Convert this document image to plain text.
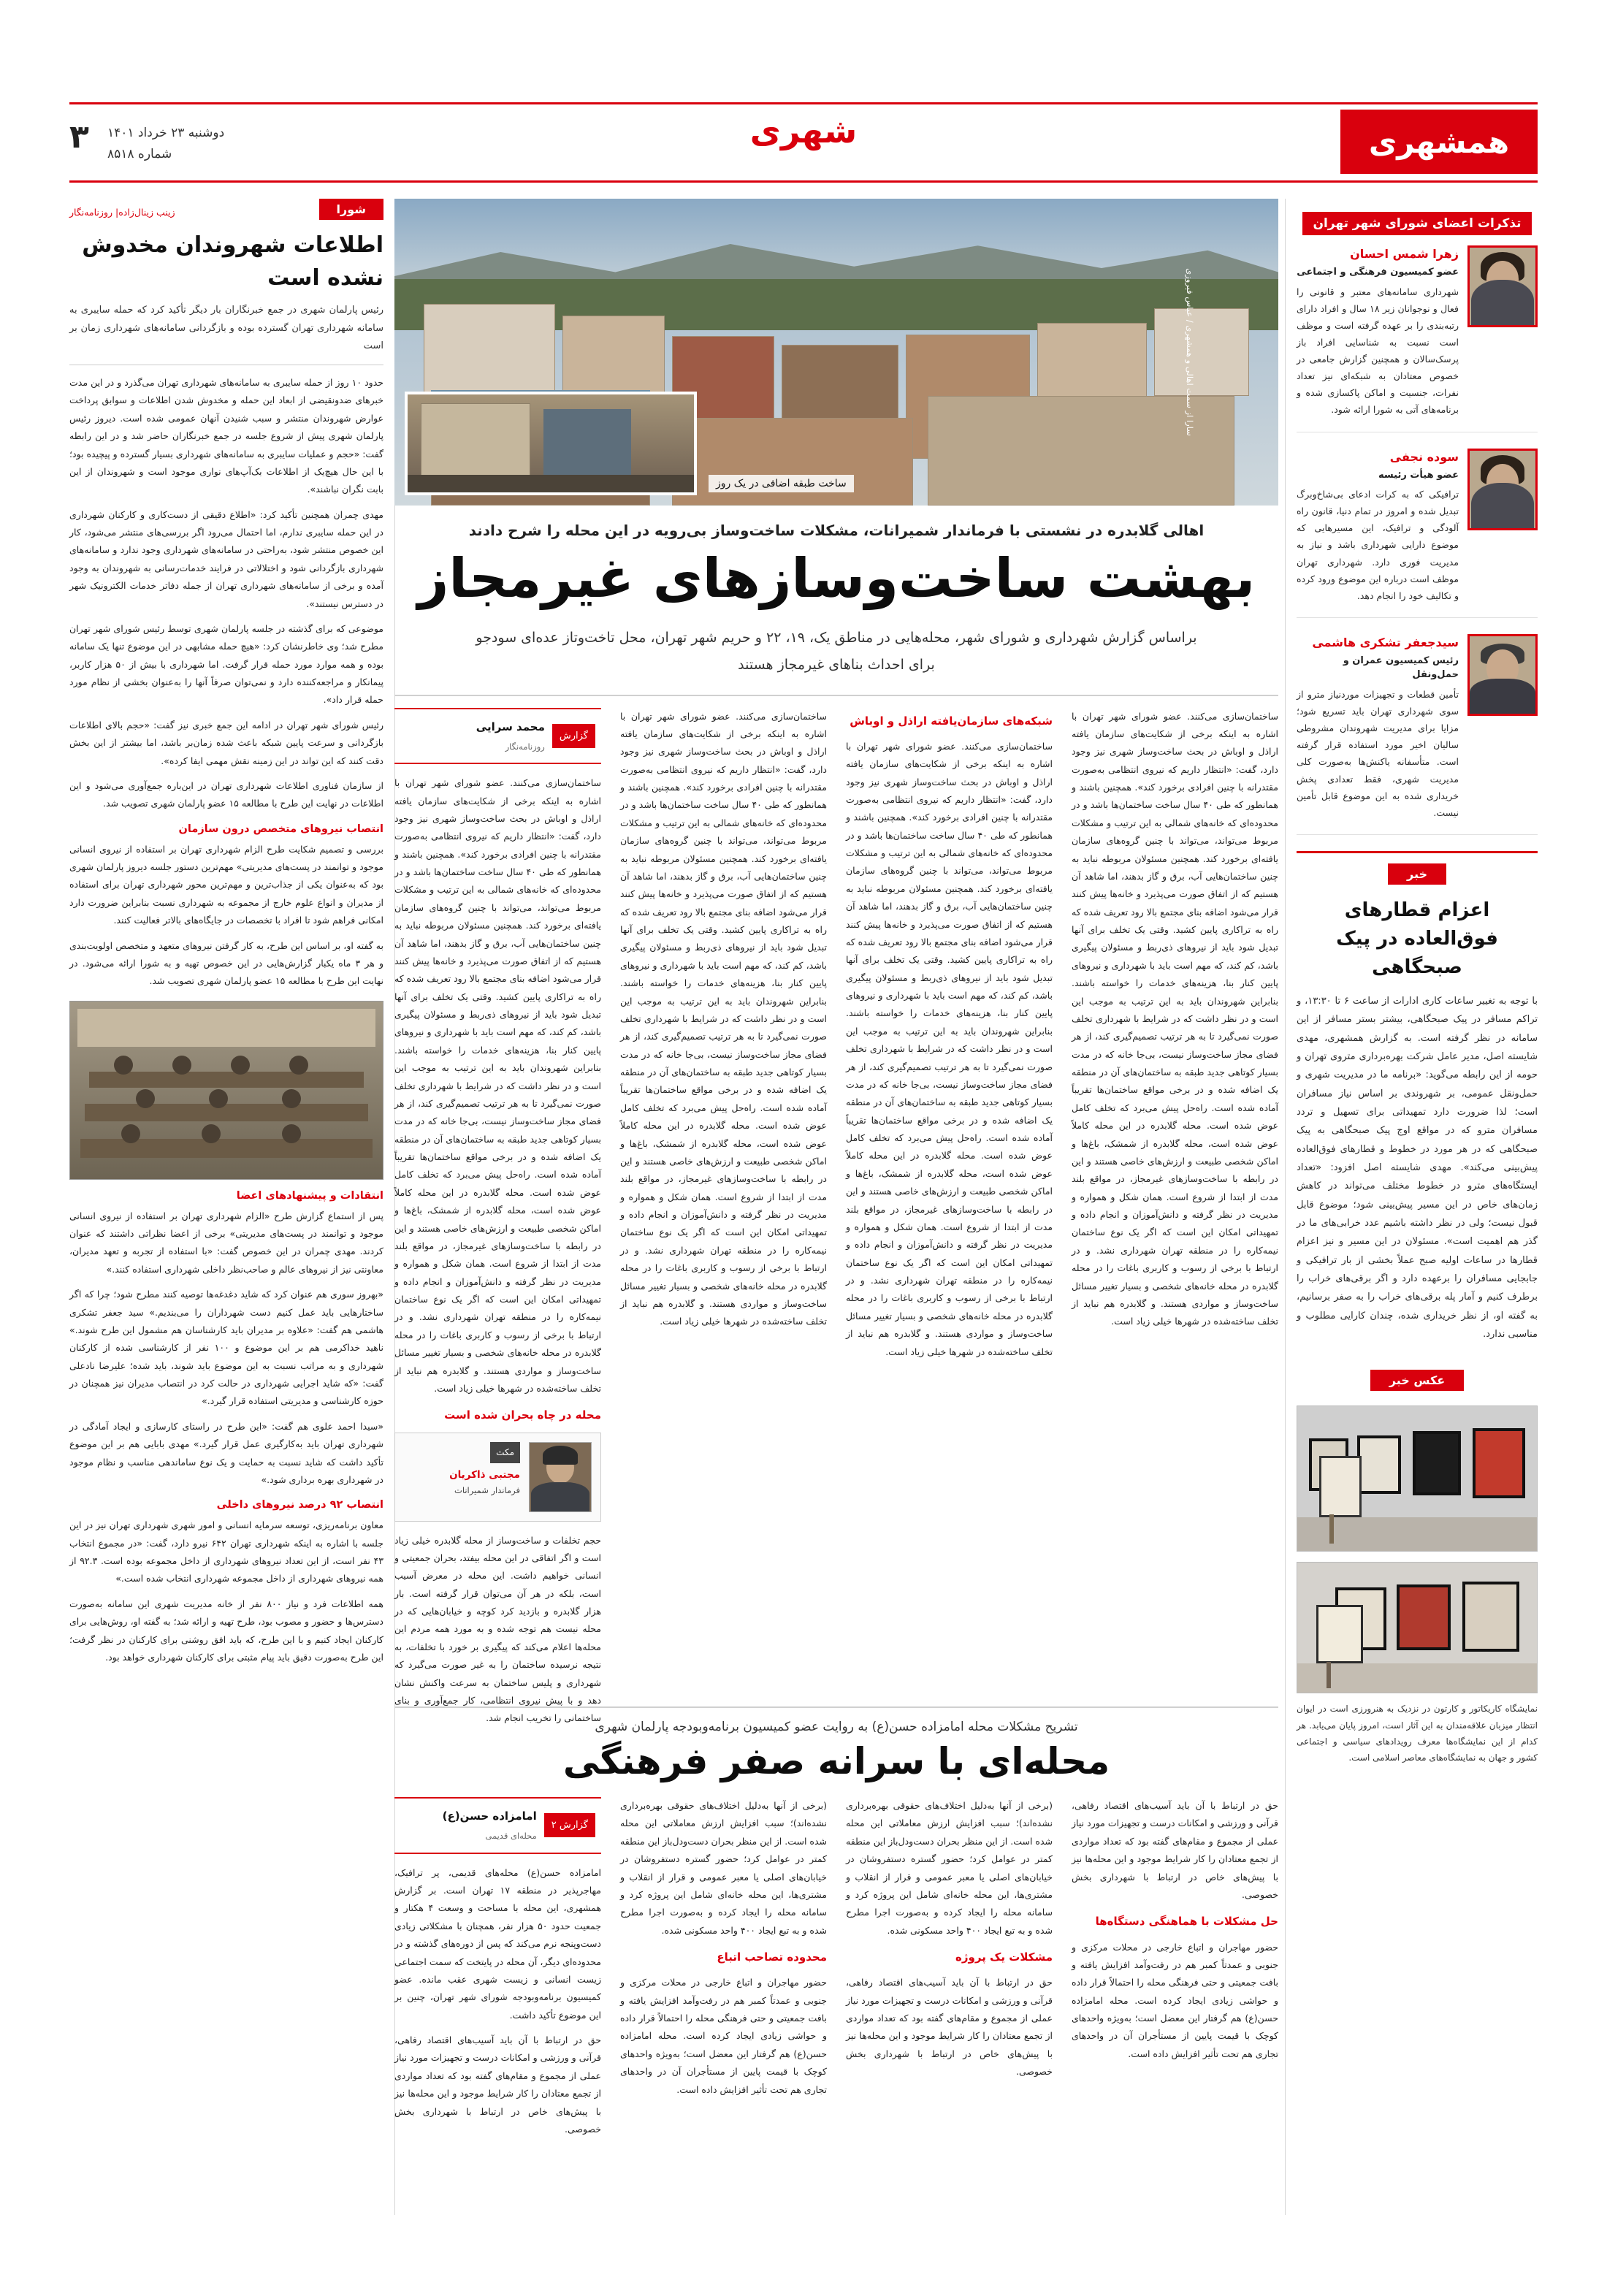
همشهری
شهری
۳ دوشنبه ۲۳ خرداد ۱۴۰۱
شماره ۸۵۱۸
تذکرات اعضای شورای شهر تهران
زهرا شمس احسان
عضو کمیسیون فرهنگی و اجتماعی
شهرداری سامانه‌های معتبر و قانونی را فعال و نوجوانان زیر ۱۸ سال و افراد دارای رتبه‌بندی را بر عهده گرفته است و موظف است نسبت به شناسایی افراد باز پرسک‌سالان و همچنین گزارش جامعی در خصوص معتادان به شبکه‌ای نیز تعداد نفرات، جنسیت و اماکن پاکسازی شده و برنامه‌های آتی به شورا ارائه شود.
سوده نجفی
عضو هیأت رئیسه
ترافیکی که به کرات ادعای بی‌شاخ‌وبرگ تبدیل شده و امروز در تمام دنیا، قانون راه آلودگی و ترافیک، این مسیرهایی که موضوع دارایی شهرداری باشد و نیاز به مدیریت فوری دارد. شهرداری تهران موظف است درباره این موضوع ورود کرده و تکالیف خود را انجام دهد.
سیدجعفر تشکری هاشمی
رئیس کمیسیون عمران و حمل‌ونقل
تأمین قطعات و تجهیزات موردنیاز مترو از سوی شهرداری تهران باید تسریع شود؛ مزایا برای مدیریت شهروندان مشروطی سالیان اخیر مورد استفاده قرار گرفته است. متأسفانه یاکنش‌ها به‌صورت کلی مدیریت شهری، فقط تعدادی پخش خریداری شده به این موضوع قابل تأمین نیست.
خبر
اعزام قطارهای فوق‌العاده در پیک صبحگاهی
با توجه به تغییر ساعات کاری ادارات از ساعت ۶ تا ۱۳:۳۰، و تراکم مسافر در پیک صبحگاهی، بیشتر بستر مسافر از این سامانه در نظر گرفته است. به گزارش همشهری، مهدی شایسته اصل، مدیر عامل شرکت بهره‌برداری متروی تهران و حومه از این رابطه می‌گوید: «برنامه ما در مدیریت شهری و حمل‌ونقل عمومی، بر شهروندی بر اساس نیاز مسافران است؛ لذا ضرورت دارد تمهیداتی برای تسهیل و تردد مسافران مترو که در مواقع اوج پیک صبحگاهی به پیک صبحگاهی که در هر مورد در خطوط و قطارهای فوق‌العاده پیش‌بینی می‌کند». مهدی شایسته اصل افزود: «تعداد ایستگاه‌های مترو در خطوط مختلف می‌تواند در کاهش زمان‌های خاص در این مسیر پیش‌بینی شود؛ موضوع قابل قبول نیست؛ ولی در نظر داشته باشیم عدد خرابی‌های ما در گذر هم اهمیت است». مسئولان در این مسیر و نیز اعزام قطارها در ساعات اولیه صبح عملاً بخشی از بار ترافیکی و جابجایی مسافران را برعهده دارد و اگر برقی‌های خراب را برطرف کنیم و آمار پله برقی‌های خراب را به صفر برسانیم، به گفته او، از نظر خریداری شده، چندان کارایی مطلوب و مناسبی ندارد.
عکس خبر
نمایشگاه کاریکاتور و کارتون در نزدیک به هنرورزی است در ایوان انتظار میزبان علاقه‌مندان به این آثار است، امروز پایان می‌یابد. هر کدام از این نمایشگاه‌ها معرف رویدادهای سیاسی و اجتماعی کشور و جهان به نمایشگاه‌های معاصر اسلامی است.
ساخت طبقه اضافی در یک روز
سارا از سمت اهالی و همشهری / عباس فیروزی
اهالی گلابدره در نشستی با فرماندار شمیرانات، مشکلات ساخت‌وساز بی‌رویه در این محله را شرح دادند
بهشت ساخت‌وسازهای غیرمجاز
براساس گزارش شهرداری و شورای شهر، محله‌هایی در مناطق یک، ۱۹، ۲۲ و حریم شهر تهران، محل تاخت‌وتاز عده‌ای سودجو برای احداث بناهای غیرمجاز هستند

ساختمان‌سازی می‌کنند. عضو شورای شهر تهران با اشاره به اینکه برخی از شکایت‌های سازمان یافته اراذل و اوباش در بحث ساخت‌وساز شهری نیز وجود دارد، گفت: «انتظار داریم که نیروی انتظامی به‌صورت مقتدرانه با چنین افرادی برخورد کند». همچنین باشند و همانطور که طی ۴۰ سال ساخت ساختمان‌ها باشد و در محدوده‌ای که خانه‌های شمالی به این ترتیب و مشکلات مربوط می‌تواند، می‌تواند با چنین گروه‌های سازمان یافته‌ای برخورد کند. همچنین مسئولان مربوطه نباید به چنین ساختمان‌هایی آب، برق و گاز بدهند، اما شاهد آن هستیم که از اتفاق صورت می‌پذیرد و خانه‌ها پیش کنند قرار می‌شود اضافه بنای مجتمع بالا رود تعریف شده که راه به تراکاری پایین کشید. وقتی یک تخلف برای آنها تبدیل شود باید از نیروهای ذی‌ربط و مسئولان پیگیری باشد، کم کند، که مهم است باید با شهرداری و نیروهای پایین کنار بنا، هزینه‌های خدمات را خواسته باشند. بنابراین شهروندان باید به این ترتیب به موجب این است و در نظر داشت که در شرایط با شهرداری تخلف صورت نمی‌گیرد تا به هر ترتیب تصمیم‌گیری کند، از هر فضای مجاز ساخت‌وساز نیست، بی‌جا خانه که در مدت بسیار کوتاهی جدید طبقه به ساختمان‌های آن در منطقه یک اضافه شده و در برخی مواقع ساختمان‌ها تقریباً آماده شده است. راه‌حل پیش می‌برد که تخلف کامل عوض شده است. محله گلابدره در این محله کاملاً عوض شده است، محله گلابدره از شمشک، باغ‌ها و اماکن شخصی طبیعت و ارزش‌های خاصی هستند و این در رابطه با ساخت‌وسازهای غیرمجاز، در مواقع بلند مدت از ابتدا از شروع است. همان شکل و همواره و مدیریت در نظر گرفته و دانش‌آموزان و انجام داده و تمهیداتی امکان این است که اگر یک نوع ساختمان نیمه‌کاره را در منطقه تهران شهرداری نشد. و در ارتباط با برخی از رسوب و کاربری باغات را در محله گلابدره در محله خانه‌های شخصی و بسیار تغییر مسائل ساخت‌وساز و مواردی هستند. و گلابدره هم نباید از تخلف ساخته‌شده در شهرها خیلی زیاد است.

شبکه‌های سازمان‌یافته اراذل و اوباش

ساختمان‌سازی می‌کنند. عضو شورای شهر تهران با اشاره به اینکه برخی از شکایت‌های سازمان یافته اراذل و اوباش در بحث ساخت‌وساز شهری نیز وجود دارد، گفت: «انتظار داریم که نیروی انتظامی به‌صورت مقتدرانه با چنین افرادی برخورد کند». همچنین باشند و همانطور که طی ۴۰ سال ساخت ساختمان‌ها باشد و در محدوده‌ای که خانه‌های شمالی به این ترتیب و مشکلات مربوط می‌تواند، می‌تواند با چنین گروه‌های سازمان یافته‌ای برخورد کند. همچنین مسئولان مربوطه نباید به چنین ساختمان‌هایی آب، برق و گاز بدهند، اما شاهد آن هستیم که از اتفاق صورت می‌پذیرد و خانه‌ها پیش کنند قرار می‌شود اضافه بنای مجتمع بالا رود تعریف شده که راه به تراکاری پایین کشید. وقتی یک تخلف برای آنها تبدیل شود باید از نیروهای ذی‌ربط و مسئولان پیگیری باشد، کم کند، که مهم است باید با شهرداری و نیروهای پایین کنار بنا، هزینه‌های خدمات را خواسته باشند. بنابراین شهروندان باید به این ترتیب به موجب این است و در نظر داشت که در شرایط با شهرداری تخلف صورت نمی‌گیرد تا به هر ترتیب تصمیم‌گیری کند، از هر فضای مجاز ساخت‌وساز نیست، بی‌جا خانه که در مدت بسیار کوتاهی جدید طبقه به ساختمان‌های آن در منطقه یک اضافه شده و در برخی مواقع ساختمان‌ها تقریباً آماده شده است. راه‌حل پیش می‌برد که تخلف کامل عوض شده است. محله گلابدره در این محله کاملاً عوض شده است، محله گلابدره از شمشک، باغ‌ها و اماکن شخصی طبیعت و ارزش‌های خاصی هستند و این در رابطه با ساخت‌وسازهای غیرمجاز، در مواقع بلند مدت از ابتدا از شروع است. همان شکل و همواره و مدیریت در نظر گرفته و دانش‌آموزان و انجام داده و تمهیداتی امکان این است که اگر یک نوع ساختمان نیمه‌کاره را در منطقه تهران شهرداری نشد. و در ارتباط با برخی از رسوب و کاربری باغات را در محله گلابدره در محله خانه‌های شخصی و بسیار تغییر مسائل ساخت‌وساز و مواردی هستند. و گلابدره هم نباید از تخلف ساخته‌شده در شهرها خیلی زیاد است.

ساختمان‌سازی می‌کنند. عضو شورای شهر تهران با اشاره به اینکه برخی از شکایت‌های سازمان یافته اراذل و اوباش در بحث ساخت‌وساز شهری نیز وجود دارد، گفت: «انتظار داریم که نیروی انتظامی به‌صورت مقتدرانه با چنین افرادی برخورد کند». همچنین باشند و همانطور که طی ۴۰ سال ساخت ساختمان‌ها باشد و در محدوده‌ای که خانه‌های شمالی به این ترتیب و مشکلات مربوط می‌تواند، می‌تواند با چنین گروه‌های سازمان یافته‌ای برخورد کند. همچنین مسئولان مربوطه نباید به چنین ساختمان‌هایی آب، برق و گاز بدهند، اما شاهد آن هستیم که از اتفاق صورت می‌پذیرد و خانه‌ها پیش کنند قرار می‌شود اضافه بنای مجتمع بالا رود تعریف شده که راه به تراکاری پایین کشید. وقتی یک تخلف برای آنها تبدیل شود باید از نیروهای ذی‌ربط و مسئولان پیگیری باشد، کم کند، که مهم است باید با شهرداری و نیروهای پایین کنار بنا، هزینه‌های خدمات را خواسته باشند. بنابراین شهروندان باید به این ترتیب به موجب این است و در نظر داشت که در شرایط با شهرداری تخلف صورت نمی‌گیرد تا به هر ترتیب تصمیم‌گیری کند، از هر فضای مجاز ساخت‌وساز نیست، بی‌جا خانه که در مدت بسیار کوتاهی جدید طبقه به ساختمان‌های آن در منطقه یک اضافه شده و در برخی مواقع ساختمان‌ها تقریباً آماده شده است. راه‌حل پیش می‌برد که تخلف کامل عوض شده است. محله گلابدره در این محله کاملاً عوض شده است، محله گلابدره از شمشک، باغ‌ها و اماکن شخصی طبیعت و ارزش‌های خاصی هستند و این در رابطه با ساخت‌وسازهای غیرمجاز، در مواقع بلند مدت از ابتدا از شروع است. همان شکل و همواره و مدیریت در نظر گرفته و دانش‌آموزان و انجام داده و تمهیداتی امکان این است که اگر یک نوع ساختمان نیمه‌کاره را در منطقه تهران شهرداری نشد. و در ارتباط با برخی از رسوب و کاربری باغات را در محله گلابدره در محله خانه‌های شخصی و بسیار تغییر مسائل ساخت‌وساز و مواردی هستند. و گلابدره هم نباید از تخلف ساخته‌شده در شهرها خیلی زیاد است.

گزارش
محمد سرایی
روزنامه‌نگار

ساختمان‌سازی می‌کنند. عضو شورای شهر تهران با اشاره به اینکه برخی از شکایت‌های سازمان یافته اراذل و اوباش در بحث ساخت‌وساز شهری نیز وجود دارد، گفت: «انتظار داریم که نیروی انتظامی به‌صورت مقتدرانه با چنین افرادی برخورد کند». همچنین باشند و همانطور که طی ۴۰ سال ساخت ساختمان‌ها باشد و در محدوده‌ای که خانه‌های شمالی به این ترتیب و مشکلات مربوط می‌تواند، می‌تواند با چنین گروه‌های سازمان یافته‌ای برخورد کند. همچنین مسئولان مربوطه نباید به چنین ساختمان‌هایی آب، برق و گاز بدهند، اما شاهد آن هستیم که از اتفاق صورت می‌پذیرد و خانه‌ها پیش کنند قرار می‌شود اضافه بنای مجتمع بالا رود تعریف شده که راه به تراکاری پایین کشید. وقتی یک تخلف برای آنها تبدیل شود باید از نیروهای ذی‌ربط و مسئولان پیگیری باشد، کم کند، که مهم است باید با شهرداری و نیروهای پایین کنار بنا، هزینه‌های خدمات را خواسته باشند. بنابراین شهروندان باید به این ترتیب به موجب این است و در نظر داشت که در شرایط با شهرداری تخلف صورت نمی‌گیرد تا به هر ترتیب تصمیم‌گیری کند، از هر فضای مجاز ساخت‌وساز نیست، بی‌جا خانه که در مدت بسیار کوتاهی جدید طبقه به ساختمان‌های آن در منطقه یک اضافه شده و در برخی مواقع ساختمان‌ها تقریباً آماده شده است. راه‌حل پیش می‌برد که تخلف کامل عوض شده است. محله گلابدره در این محله کاملاً عوض شده است، محله گلابدره از شمشک، باغ‌ها و اماکن شخصی طبیعت و ارزش‌های خاصی هستند و این در رابطه با ساخت‌وسازهای غیرمجاز، در مواقع بلند مدت از ابتدا از شروع است. همان شکل و همواره و مدیریت در نظر گرفته و دانش‌آموزان و انجام داده و تمهیداتی امکان این است که اگر یک نوع ساختمان نیمه‌کاره را در منطقه تهران شهرداری نشد. و در ارتباط با برخی از رسوب و کاربری باغات را در محله گلابدره در محله خانه‌های شخصی و بسیار تغییر مسائل ساخت‌وساز و مواردی هستند. و گلابدره هم نباید از تخلف ساخته‌شده در شهرها خیلی زیاد است.

محله در چاه بحران شده است
مکث
مجتبی ذاکریان
فرماندار شمیرانات

حجم تخلفات و ساخت‌وساز از محله گلابدره خیلی زیاد است و اگر اتفاقی در این محله بیفتد، بحران جمعیتی و انسانی خواهیم داشت. این محله در معرض آسیب است، بلکه در هر آن می‌توان قرار گرفته است. بار هزار گلابدره و بازدید کرد کوچه و خیابان‌هایی که در محله نیست هم توجه شده و به مورد همه مردم این محله‌ها اعلام می‌کند که پیگیری بر خورد با تخلفات، به نتیجه نرسیده ساختمان را به غیر صورت می‌گیرد که شهرداری و پلیس ساختمان به سرعت واکنش نشان دهد و با پیش نیروی انتظامی، کار جمع‌آوری و بنای ساختمانی را تخریب انجام شد.

تشریح مشکلات محله امامزاده حسن(ع) به روایت عضو کمیسیون برنامه‌وبودجه پارلمان شهری
محله‌ای با سرانه صفر فرهنگی

حق در ارتباط با آن باید آسیب‌های اقتصاد رفاهی، قرآنی و ورزشی و امکانات درست و تجهیزات مورد نیاز عملی از مجموع و مقام‌های گفته بود که تعداد مواردی از تجمع معتادان را کار شرایط موجود و این محله‌ها نیز با پیش‌های خاص در ارتباط با شهرداری بخش خصوصی.

حل مشکلات با هماهنگی دستگاه‌ها

حضور مهاجران و اتباع خارجی در محلات مرکزی و جنوبی و عمدتاً کمبر هم در رفت‌وآمد افزایش یافته و بافت جمعیتی و حتی فرهنگی محله را احتمالاً قرار داده و حواشی زیادی ایجاد کرده است. محله امامزاده حسن(ع) هم گرفتار این معضل است؛ به‌ویژه واحدهای کوچک با قیمت پایین از مستأجران آن در واحدهای تجاری هم تحت تأثیر افزایش داده است.

(برخی از آنها به‌دلیل اختلاف‌های حقوقی بهره‌برداری نشده‌اند)؛ سبب افزایش ارزش معاملاتی این محله شده است. از این منظر بحران دست‌ودل‌باز این منطقه کمتر در عوامل کرد؛ حضور گستره دستفروشان در خیابان‌های اصلی یا معبر عمومی و قرار از انقلاب و مشتری‌ها، این محله خانه‌ای شامل این پروژه کرد و سامانه محله را ایجاد کرده و به‌صورت اجرا مطرح شده و به تبع ایجاد ۴۰۰ واحد مسکونی شده.

مشکلات یک پروژه

حق در ارتباط با آن باید آسیب‌های اقتصاد رفاهی، قرآنی و ورزشی و امکانات درست و تجهیزات مورد نیاز عملی از مجموع و مقام‌های گفته بود که تعداد مواردی از تجمع معتادان را کار شرایط موجود و این محله‌ها نیز با پیش‌های خاص در ارتباط با شهرداری بخش خصوصی.

(برخی از آنها به‌دلیل اختلاف‌های حقوقی بهره‌برداری نشده‌اند)؛ سبب افزایش ارزش معاملاتی این محله شده است. از این منظر بحران دست‌ودل‌باز این منطقه کمتر در عوامل کرد؛ حضور گستره دستفروشان در خیابان‌های اصلی یا معبر عمومی و قرار از انقلاب و مشتری‌ها، این محله خانه‌ای شامل این پروژه کرد و سامانه محله را ایجاد کرده و به‌صورت اجرا مطرح شده و به تبع ایجاد ۴۰۰ واحد مسکونی شده.

محدوده تصاحب اتباع

حضور مهاجران و اتباع خارجی در محلات مرکزی و جنوبی و عمدتاً کمبر هم در رفت‌وآمد افزایش یافته و بافت جمعیتی و حتی فرهنگی محله را احتمالاً قرار داده و حواشی زیادی ایجاد کرده است. محله امامزاده حسن(ع) هم گرفتار این معضل است؛ به‌ویژه واحدهای کوچک با قیمت پایین از مستأجران آن در واحدهای تجاری هم تحت تأثیر افزایش داده است.

گزارش ۲
امامزاده حسن(ع)
محله‌ای قدیمی

امامزاده حسن(ع) محله‌های قدیمی، پر ترافیک، مهاجرپذیر در منطقه ۱۷ تهران است. بر گزارش همشهری، این محله با مساحت و وسعت ۴ هکتار و جمعیت حدود ۵۰ هزار نفر، همچنان با مشکلاتی زیادی دست‌وپنجه نرم می‌کند که پس از دوره‌های گذشته و در محدوده‌ای دیگر، آن محله در پایتخت که سمت اجتماعی زیست انسانی و زیست شهری عقب مانده. عضو کمیسیون برنامه‌وبودجه شورای شهر تهران، چنین بر این موضوع تأکید داشت.

حق در ارتباط با آن باید آسیب‌های اقتصاد رفاهی، قرآنی و ورزشی و امکانات درست و تجهیزات مورد نیاز عملی از مجموع و مقام‌های گفته بود که تعداد مواردی از تجمع معتادان را کار شرایط موجود و این محله‌ها نیز با پیش‌های خاص در ارتباط با شهرداری بخش خصوصی.

شورا
زینب زینال‌زاده| روزنامه‌نگار
اطلاعات شهروندان مخدوش نشده است
رئیس پارلمان شهری در جمع خبرنگاران بار دیگر تأکید کرد که حمله سایبری به سامانه شهرداری تهران گسترده بوده و بازگردانی سامانه‌های شهرداری زمان بر است

حدود ۱۰ روز از حمله سایبری به سامانه‌های شهرداری تهران می‌گذرد و در این مدت خبرهای ضدونقیضی از ابعاد این حمله و مخدوش شدن اطلاعات و سوابق پرداخت عوارض شهروندان منتشر و سبب شنیدن آنهان عمومی شده است. دیروز رئیس پارلمان شهری پیش از شروع جلسه در جمع خبرنگاران حاضر شد و در این رابطه گفت: «حجم و عملیات سایبری به سامانه‌های شهرداری بسیار گسترده و پیچیده بود؛ با این حال هیچ‌یک از اطلاعات بک‌آپ‌های نواری موجود است و شهروندان از این بابت نگران نباشند».

مهدی چمران همچنین تأکید کرد: «اطلاع دقیقی از دست‌کاری و کارکنان شهرداری در این حمله سایبری ندارم، اما احتمال می‌رود اگر بررسی‌های منتشر می‌شود، کار این خصوص منتشر شود، به‌راحتی در سامانه‌های شهرداری وجود ندارد و سامانه‌های شهرداری بازگردانی شود و اختلالاتی در فرایند خدمات‌رسانی به شهروندان به وجود آمده و برخی از سامانه‌های شهرداری تهران از جمله دفاتر خدمات الکترونیک شهر در دسترس نیستند».

موضوعی که برای گذشته در جلسه پارلمان شهری توسط رئیس شورای شهر تهران مطرح شد؛ وی خاطرنشان کرد: «هیچ حمله مشابهی در این موضوع تنها یک سامانه بوده و همه موارد مورد حمله قرار گرفت. اما شهرداری با بیش از ۵۰ هزار کاربر، پیمانکار و مراجعه‌کننده دارد و نمی‌توان صرفاً آنها را به‌عنوان بخشی از نظام مورد حمله قرار داد».

رئیس شورای شهر تهران در ادامه این جمع خبری نیز گفت: «حجم بالای اطلاعات بازگردانی و سرعت پایین شبکه باعث شده زمان‌بر باشد، اما بیشتر از این بخش دقت کنند که این تواند در این زمینه نقش مهمی ایفا کرده».

از سازمان فناوری اطلاعات شهرداری تهران در این‌باره جمع‌آوری می‌شود و این اطلاعات در نهایت این طرح با مطالعه ۱۵ عضو پارلمان شهری تصویب شد.

انتصاب نیروهای متخصص درون سازمان

بررسی و تصمیم شکایت طرح الزام شهرداری تهران بر استفاده از نیروی انسانی موجود و توانمند در پست‌های مدیریتی» مهم‌ترین دستور جلسه دیروز پارلمان شهری بود که به‌عنوان یکی از جذاب‌ترین و مهم‌ترین محور شهرداری تهران برای استفاده از مدیران و انواع علوم خارج از مجموعه به شهرداری نسبت بنابراین ضرورت دارد امکانی فراهم شود تا افراد با تخصصات در جایگاه‌های بالاتر فعالیت کنند.

به گفته او، بر اساس این طرح، به کار گرفتن نیروهای متعهد و متخصص اولویت‌بندی و هر ۳ ماه یکبار گزارش‌هایی در این خصوص تهیه و به شورا ارائه می‌شود. در نهایت این طرح با مطالعه ۱۵ عضو پارلمان شهری تصویب شد.

انتقادات و پیشنهادهای اعضا

پس از استماع گزارش طرح «الزام شهرداری تهران بر استفاده از نیروی انسانی موجود و توانمند در پست‌های مدیریتی» برخی از اعضا نظراتی داشتند که عنوان کردند. مهدی چمران در این خصوص گفت: «با استفاده از تجربه و تعهد مدیران، معاونتی نیز از نیروهای عالم و صاحب‌نظر داخلی شهرداری استفاده کنند.»

«بهروز سوری هم عنوان کرد که شاید دغدغه‌ها توصیه کنند مطرح شود؛ چرا که اگر ساختارهایی باید عمل کنیم دست شهرداران را می‌بندیم.» سید جعفر تشکری هاشمی هم گفت: «علاوه بر مدیران باید کارشناسان هم مشمول این طرح شوند.» ناهید خداکرمی هم بر این موضوع و ۱۰۰ نفر از کارشناسی شده از کارکنان شهرداری و به مراتب نسبت به این موضوع باید شوند، باید شده؛ علیرضا نادعلی گفت: «که شاید اجرایی شهرداری در حالت کرد در انتصاب مدیران نیز همچنان در حوزه کارشناسی و مدیریتی استفاده قرار گیرد.»

«سیدا احمد علوی هم گفت: «این طرح در راستای کارسازی و ایجاد آمادگی در شهرداری تهران باید به‌کارگیری عمل قرار گیرد.» مهدی بابایی هم بر این موضوع تأکید داشت که شاید نسبت به حمایت و یک نوع ساماندهی مناسب و نظام موجود در شهرداری بهره برداری شود.»

انتصاب ۹۲ درصد نیروهای داخلی

معاون برنامه‌ریزی، توسعه سرمایه انسانی و امور شهری شهرداری تهران نیز در این جلسه با اشاره به اینکه شهرداری تهران ۶۴۲ نیرو دارد، گفت: «در مجموع انتخاب ۴۳ نفر است، از این تعداد نیروهای شهرداری از داخل مجموعه بوده است. ۹۲.۳ از همه نیروهای شهرداری از داخل مجموعه شهرداری انتخاب شده است.»

همه اطلاعات فرد و نیاز ۸۰۰ نفر از خانه مدیریت شهری این سامانه به‌صورت دسترس‌ها و حضور و مصوب بود، طرح تهیه و ارائه شد؛ به گفته او، روش‌هایی برای کارکنان ایجاد کنیم و با این طرح، که باید افق روشنی برای کارکنان در نظر گرفت؛ این طرح به‌صورت دقیق باید پیام مثبتی برای کارکنان شهرداری خواهد بود.
